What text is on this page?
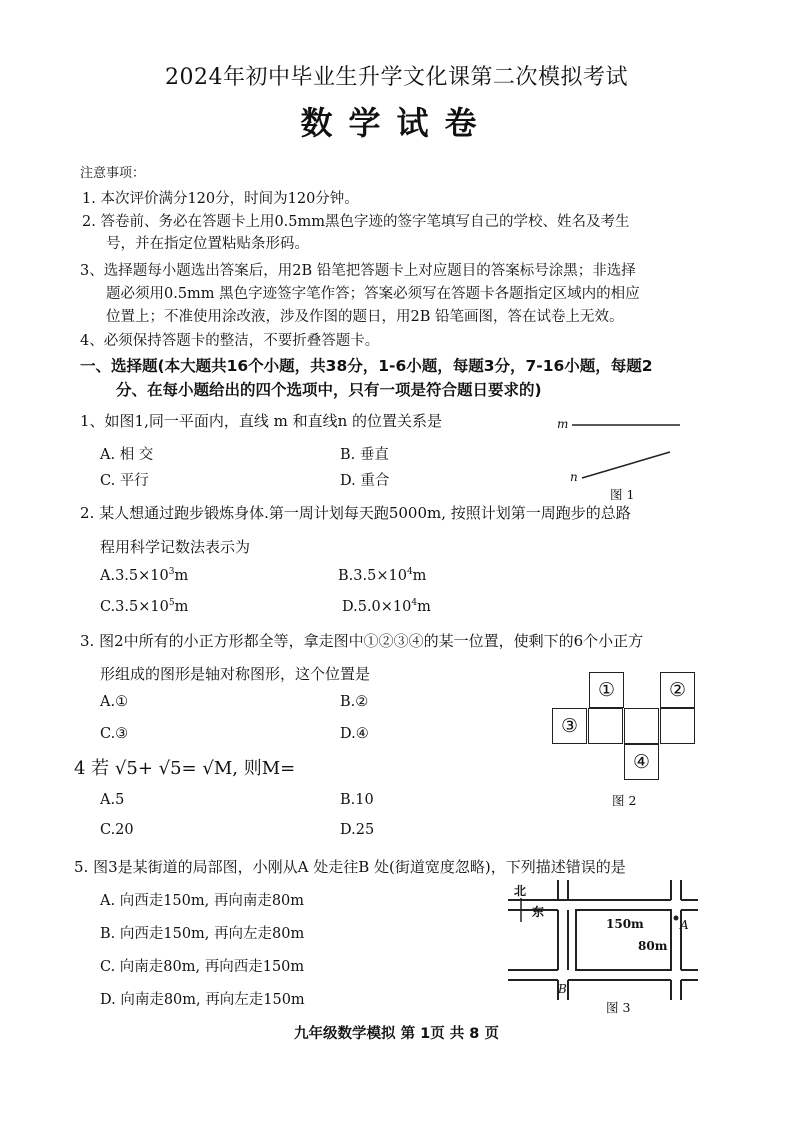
2024年初中毕业生升学文化课第二次模拟考试
数学试卷
注意事项：
1. 本次评价满分120分，时间为120分钟。
2. 答卷前、务必在答题卡上用0.5mm黑色字迹的签字笔填写自己的学校、姓名及考生
号，并在指定位置粘贴条形码。
3、选择题每小题选出答案后，用2B 铅笔把答题卡上对应题目的答案标号涂黑；非选择
题必须用0.5mm 黑色字迹签字笔作答；答案必须写在答题卡各题指定区域内的相应
位置上；不准使用涂改液，涉及作图的题日，用2B 铅笔画图，答在试卷上无效。
4、必须保持答题卡的整洁，不要折叠答题卡。
一、选择题(本大题共16个小题，共38分，1-6小题，每题3分，7-16小题，每题2
分、在每小题给出的四个选项中，只有一项是符合题日要求的)
1、如图1,同一平面内，直线 m 和直线n 的位置关系是
A. 相 交	B. 垂直
C. 平行	D. 重合
m
n
图 1
2. 某人想通过跑步锻炼身体.第一周计划每天跑5000m, 按照计划第一周跑步的总路
程用科学记数法表示为
$A.3.5\times 10^3m$	$B.3.5\times 10^4m$
$C.3.5\times 10^5m$	$D.5.0\times 10^4m$
3. 图2中所有的小正方形都全等，拿走图中①②③④的某一位置，使剩下的6个小正方
形组成的图形是轴对称图形，这个位置是
A.①	B.②
C.③	D.④
①	②
③
④
图 2
4 若 √5+ √5= √M, 则M=
A.5	B.10
C.20	D.25
5. 图3是某街道的局部图，小刚从A 处走往B 处(街道宽度忽略)，下列描述错误的是
A. 向西走150m, 再向南走80m
B. 向西走150m, 再向左走80m
C. 向南走80m, 再向西走150m
D. 向南走80m, 再向左走150m
北
东
150m
80m
A
B
图 3
九年级数学模拟 第 1页 共 8 页
